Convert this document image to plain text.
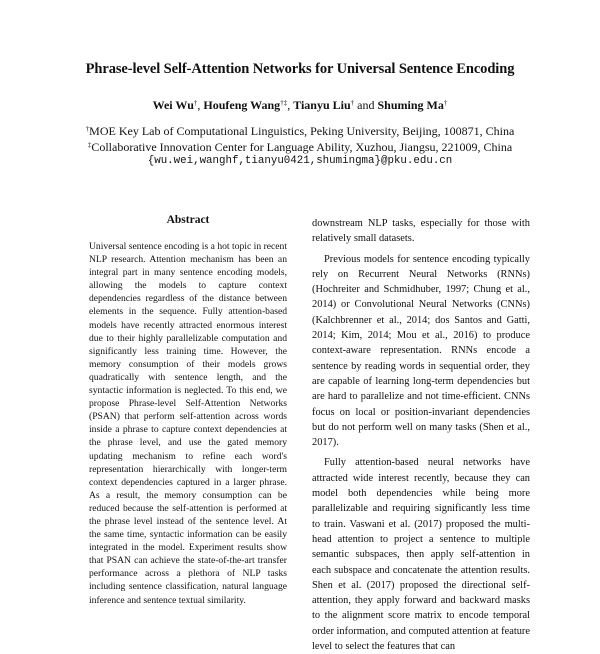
Phrase-level Self-Attention Networks for Universal Sentence Encoding
Wei Wu†, Houfeng Wang†‡, Tianyu Liu† and Shuming Ma†
†MOE Key Lab of Computational Linguistics, Peking University, Beijing, 100871, China
‡Collaborative Innovation Center for Language Ability, Xuzhou, Jiangsu, 221009, China
{wu.wei,wanghf,tianyu0421,shumingma}@pku.edu.cn
Abstract
Universal sentence encoding is a hot topic in recent NLP research. Attention mechanism has been an integral part in many sentence encoding models, allowing the models to capture context dependencies regardless of the distance between elements in the sequence. Fully attention-based models have recently attracted enormous interest due to their highly parallelizable computation and significantly less training time. However, the memory consumption of their models grows quadratically with sentence length, and the syntactic information is neglected. To this end, we propose Phrase-level Self-Attention Networks (PSAN) that perform self-attention across words inside a phrase to capture context dependencies at the phrase level, and use the gated memory updating mechanism to refine each word's representation hierarchically with longer-term context dependencies captured in a larger phrase. As a result, the memory consumption can be reduced because the self-attention is performed at the phrase level instead of the sentence level. At the same time, syntactic information can be easily integrated in the model. Experiment results show that PSAN can achieve the state-of-the-art transfer performance across a plethora of NLP tasks including sentence classification, natural language inference and sentence textual similarity.

downstream NLP tasks, especially for those with relatively small datasets.

Previous models for sentence encoding typically rely on Recurrent Neural Networks (RNNs) (Hochreiter and Schmidhuber, 1997; Chung et al., 2014) or Convolutional Neural Networks (CNNs) (Kalchbrenner et al., 2014; dos Santos and Gatti, 2014; Kim, 2014; Mou et al., 2016) to produce context-aware representation. RNNs encode a sentence by reading words in sequential order, they are capable of learning long-term dependencies but are hard to parallelize and not time-efficient. CNNs focus on local or position-invariant dependencies but do not perform well on many tasks (Shen et al., 2017).

Fully attention-based neural networks have attracted wide interest recently, because they can model both dependencies while being more parallelizable and requiring significantly less time to train. Vaswani et al. (2017) proposed the multi-head attention to project a sentence to multiple semantic subspaces, then apply self-attention in each subspace and concatenate the attention results. Shen et al. (2017) proposed the directional self-attention, they apply forward and backward masks to the alignment score matrix to encode temporal order information, and computed attention at feature level to select the features that can
